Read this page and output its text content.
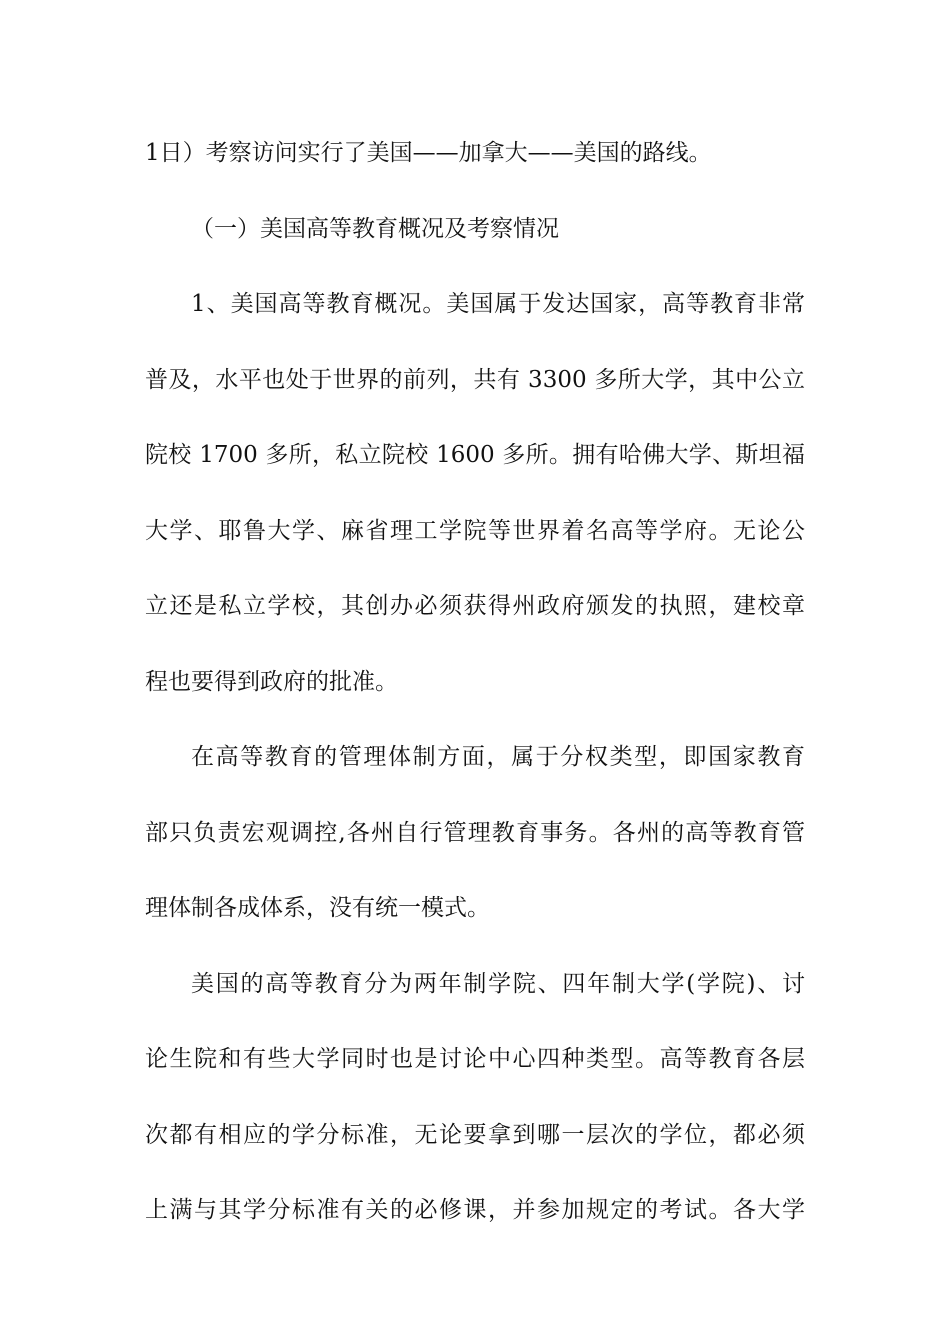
1日）考察访问实行了美国——加拿大——美国的路线。

（一）美国高等教育概况及考察情况

1、美国高等教育概况。美国属于发达国家，高等教育非常
普及，水平也处于世界的前列，共有 3300 多所大学，其中公立
院校 1700 多所，私立院校 1600 多所。拥有哈佛大学、斯坦福
大学、耶鲁大学、麻省理工学院等世界着名高等学府。无论公
立还是私立学校，其创办必须获得州政府颁发的执照，建校章
程也要得到政府的批准。

在高等教育的管理体制方面，属于分权类型，即国家教育
部只负责宏观调控,各州自行管理教育事务。各州的高等教育管
理体制各成体系，没有统一模式。

美国的高等教育分为两年制学院、四年制大学(学院)、讨
论生院和有些大学同时也是讨论中心四种类型。高等教育各层
次都有相应的学分标准，无论要拿到哪一层次的学位，都必须
上满与其学分标准有关的必修课，并参加规定的考试。各大学
